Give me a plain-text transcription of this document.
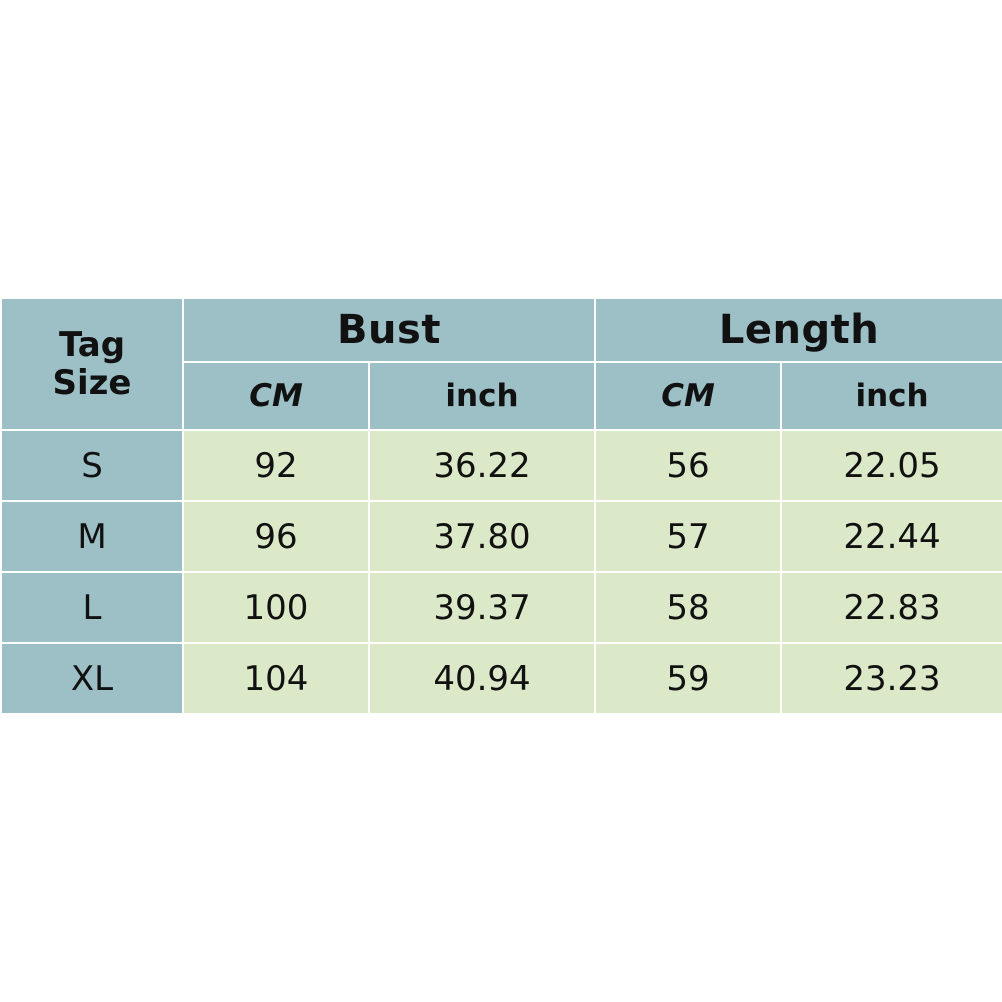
Tag
Size	Bust		Length	
	CM	inch	CM	inch
S	92	36.22	56	22.05
M	96	37.80	57	22.44
L	100	39.37	58	22.83
XL	104	40.94	59	23.23
